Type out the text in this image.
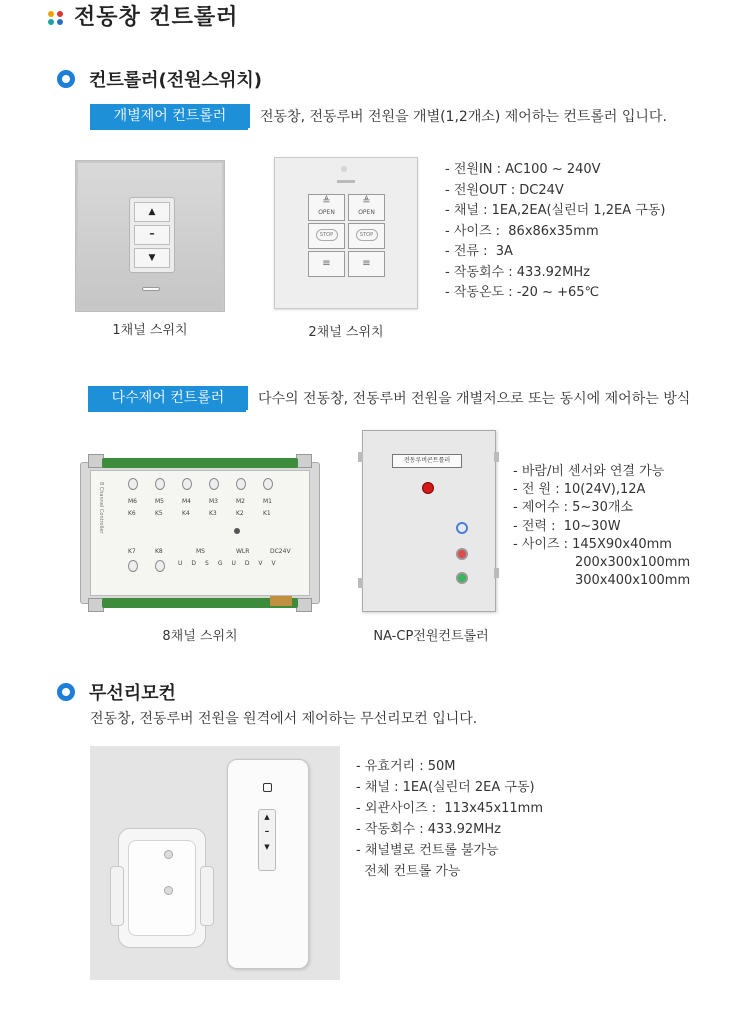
전동창 컨트롤러
컨트롤러(전원스위치)
개별제어 컨트롤러	전동창, 전동루버 전원을 개별(1,2개소) 제어하는 컨트롤러 입니다.
▲
–
▼
1채널 스위치
≜
OPEN
≜
OPEN
STOP	STOP
≡	≡
2채널 스위치
- 전원IN : AC100 ~ 240V
- 전원OUT : DC24V
- 채널 : 1EA,2EA(실린더 1,2EA 구동)
- 사이즈 :  86x86x35mm
- 전류 :  3A
- 작동회수 : 433.92MHz
- 작동온도 : -20 ~ +65℃
다수제어 컨트롤러	다수의 전동창, 전동루버 전원을 개별저으로 또는 동시에 제어하는 방식
M6	M5	M4	M3	M2	M1
K6	K5	K4	K3	K2	K1
K7	K8	MS	WLR	DC24V
UDSGUDVV
8 Channel Controller
8채널 스위치
전동루버콘트롤러
NA-CP전원컨트롤러
- 바람/비 센서와 연결 가능
- 전 원 : 10(24V),12A
- 제어수 : 5~30개소
- 전력 :  10~30W
- 사이즈 : 145X90x40mm
200x300x100mm
300x400x100mm
무선리모컨
전동창, 전동루버 전원을 원격에서 제어하는 무선리모컨 입니다.
▲
–
▼
- 유효거리 : 50M
- 채널 : 1EA(실린더 2EA 구동)
- 외관사이즈 :  113x45x11mm
- 작동회수 : 433.92MHz
- 채널별로 컨트롤 불가능
전체 컨트롤 가능
